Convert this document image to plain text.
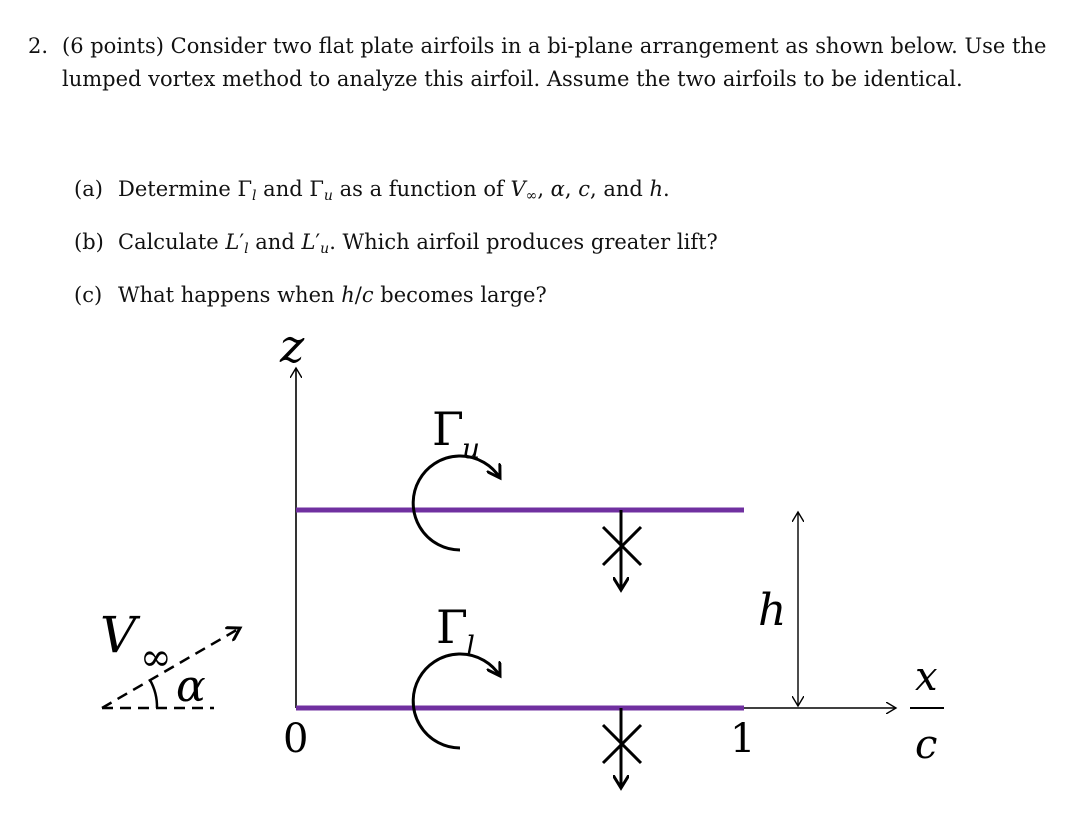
2. (6 points) Consider two flat plate airfoils in a bi-plane arrangement as shown below. Use the lumped vortex method to analyze this airfoil. Assume the two airfoils to be identical.
(a) Determine $\Gamma_l$ and $\Gamma_u$ as a function of $V_\infty$, α, c, and h.
(b) Calculate $L'_l$ and $L'_u$. Which airfoil produces greater lift?
(c) What happens when h/c becomes large?
z
x
c
0	1
Γ
u
Γ
l
h
α
V ∞
